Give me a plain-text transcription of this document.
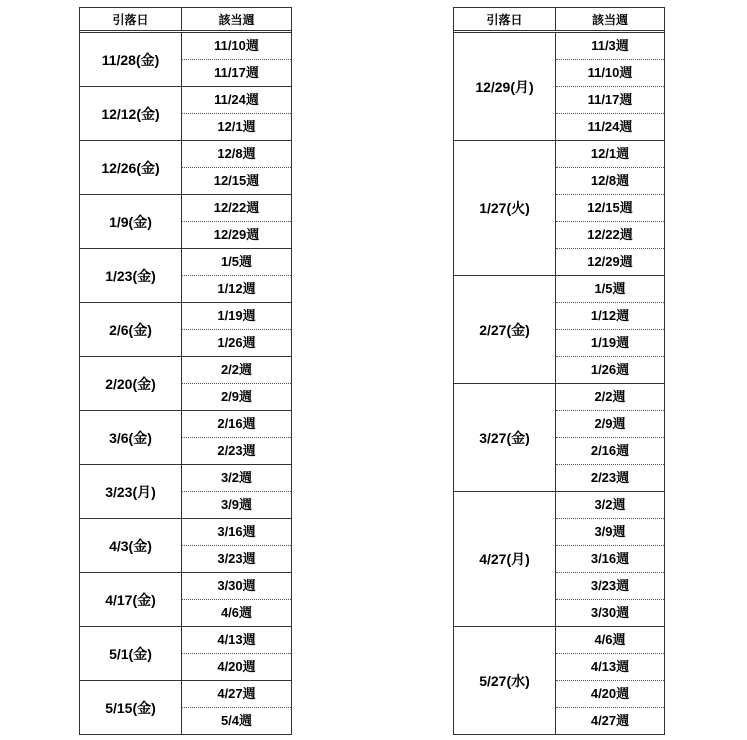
引落日	該当週
11/28(金)
11/10週
11/17週
12/12(金)
11/24週
12/1週
12/26(金)
12/8週
12/15週
1/9(金)
12/22週
12/29週
1/23(金)
1/5週
1/12週
2/6(金)
1/19週
1/26週
2/20(金)
2/2週
2/9週
3/6(金)
2/16週
2/23週
3/23(月)
3/2週
3/9週
4/3(金)
3/16週
3/23週
4/17(金)
3/30週
4/6週
5/1(金)
4/13週
4/20週
5/15(金)
4/27週
5/4週
引落日	該当週
12/29(月)
11/3週
11/10週
11/17週
11/24週
1/27(火)
12/1週
12/8週
12/15週
12/22週
12/29週
2/27(金)
1/5週
1/12週
1/19週
1/26週
3/27(金)
2/2週
2/9週
2/16週
2/23週
4/27(月)
3/2週
3/9週
3/16週
3/23週
3/30週
5/27(水)
4/6週
4/13週
4/20週
4/27週
